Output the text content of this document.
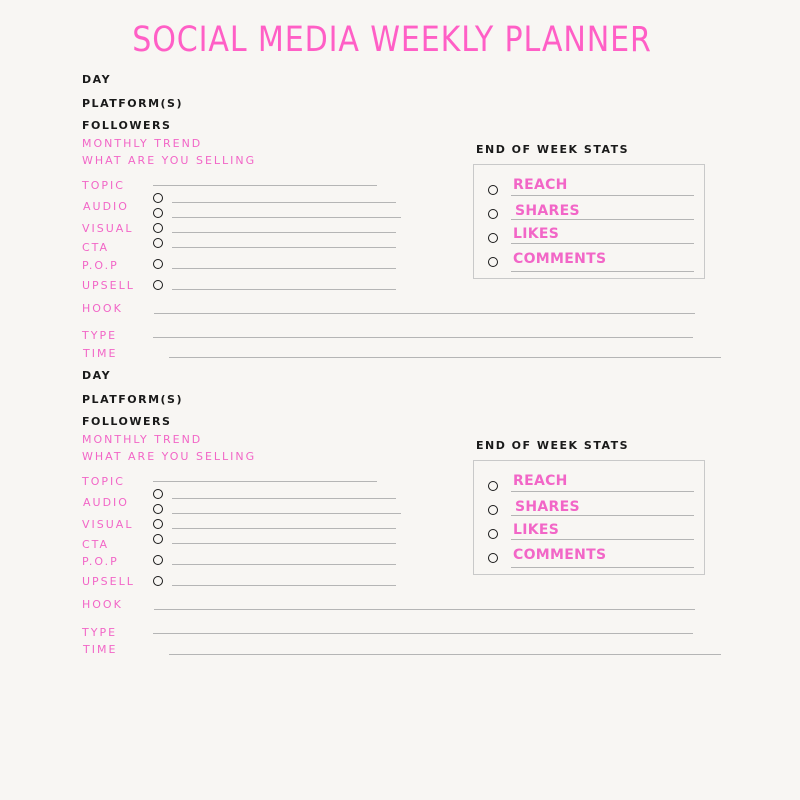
SOCIAL MEDIA WEEKLY PLANNER
DAY
PLATFORM(S)
FOLLOWERS
MONTHLY TREND
WHAT ARE YOU SELLING
TOPIC
AUDIO
VISUAL
CTA
P.O.P
UPSELL
HOOK
TYPE
TIME
END OF WEEK STATS
REACH
SHARES
LIKES
COMMENTS
DAY
PLATFORM(S)
FOLLOWERS
MONTHLY TREND
WHAT ARE YOU SELLING
TOPIC
AUDIO
VISUAL
CTA
P.O.P
UPSELL
HOOK
TYPE
TIME
END OF WEEK STATS
REACH
SHARES
LIKES
COMMENTS
